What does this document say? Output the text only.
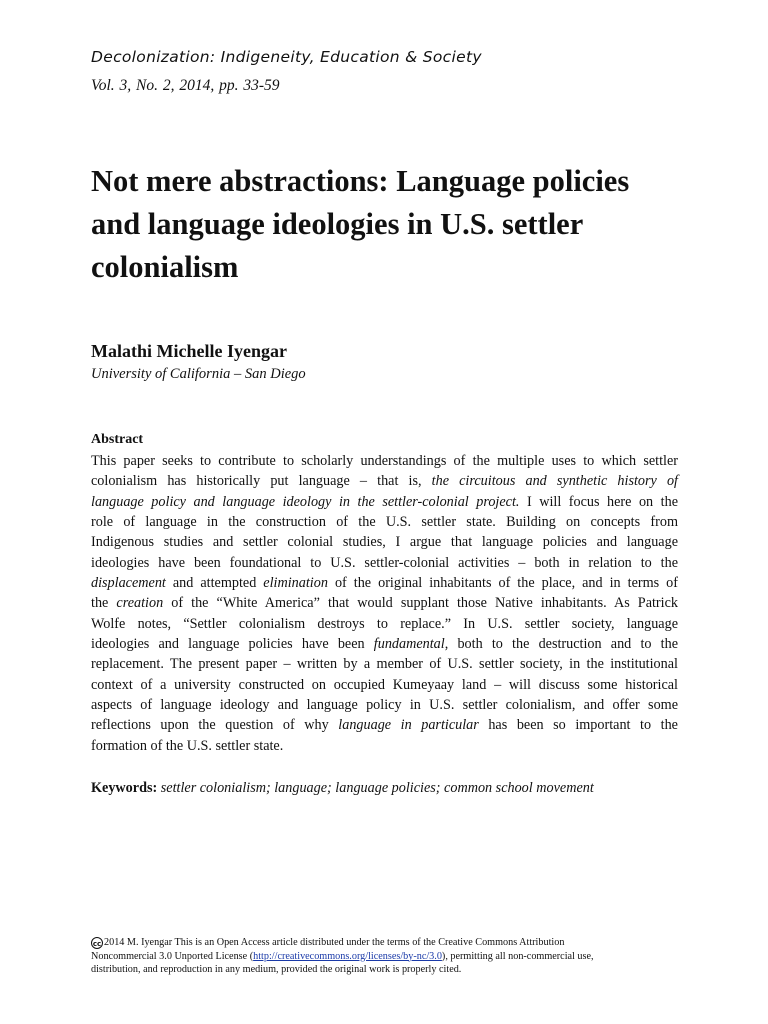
Decolonization: Indigeneity, Education & Society
Vol. 3, No. 2, 2014, pp. 33-59
Not mere abstractions: Language policies
and language ideologies in U.S. settler
colonialism
Malathi Michelle Iyengar
University of California – San Diego
Abstract
This paper seeks to contribute to scholarly understandings of the multiple uses to which settler
colonialism has historically put language – that is, the circuitous and synthetic history of
language policy and language ideology in the settler-colonial project. I will focus here on the
role of language in the construction of the U.S. settler state. Building on concepts from
Indigenous studies and settler colonial studies, I argue that language policies and language
ideologies have been foundational to U.S. settler-colonial activities – both in relation to the
displacement and attempted elimination of the original inhabitants of the place, and in terms of
the creation of the “White America” that would supplant those Native inhabitants. As Patrick
Wolfe notes, “Settler colonialism destroys to replace.” In U.S. settler society, language
ideologies and language policies have been fundamental, both to the destruction and to the
replacement. The present paper – written by a member of U.S. settler society, in the institutional
context of a university constructed on occupied Kumeyaay land – will discuss some historical
aspects of language ideology and language policy in U.S. settler colonialism, and offer some
reflections upon the question of why language in particular has been so important to the
formation of the U.S. settler state.
Keywords: settler colonialism; language; language policies; common school movement
cc 2014 M. Iyengar This is an Open Access article distributed under the terms of the Creative Commons Attribution
Noncommercial 3.0 Unported License (http://creativecommons.org/licenses/by-nc/3.0), permitting all non-commercial use,
distribution, and reproduction in any medium, provided the original work is properly cited.
